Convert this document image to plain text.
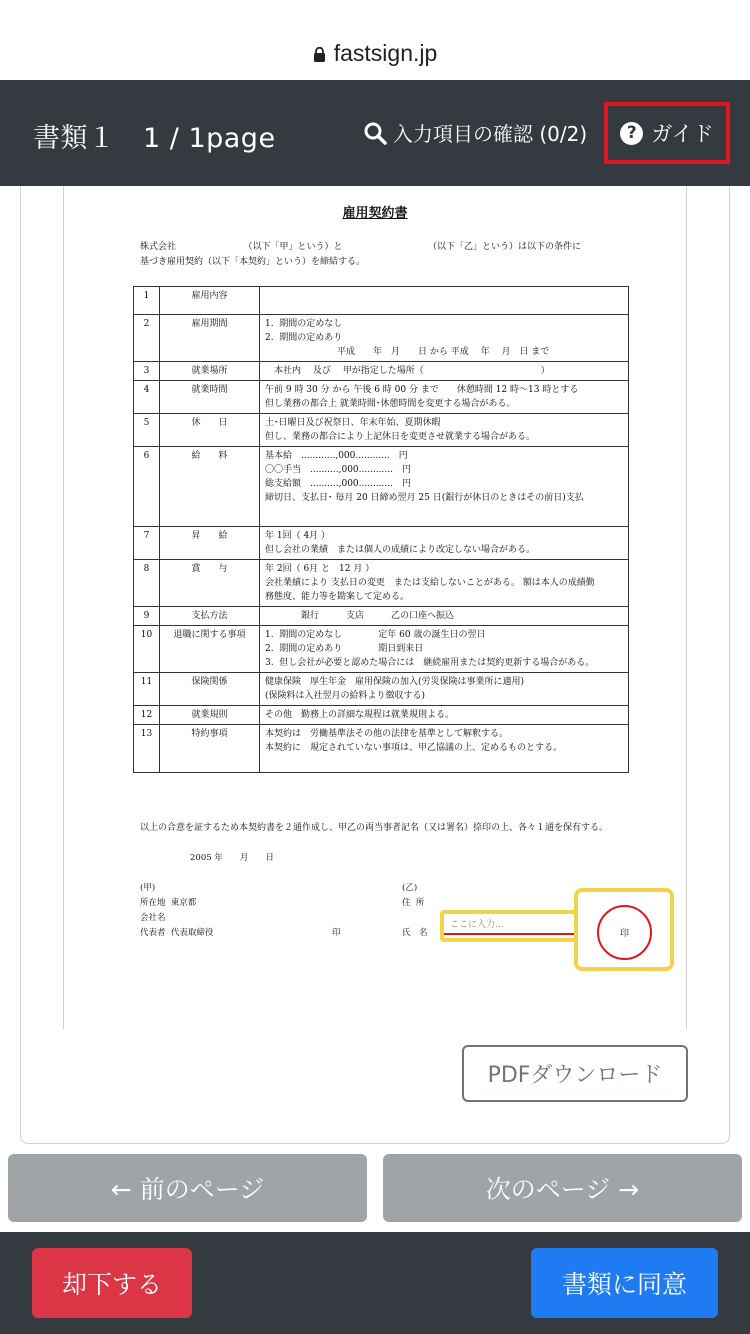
fastsign.jp
書類１　1 / 1page	入力項目の確認 (0/2)	? ガイド
雇用契約書
株式会社　　　　　　　　（以下「甲」という）と　　　　　　　　　　（以下「乙」という）は以下の条件に
基づき雇用契約（以下「本契約」という）を締結する。
1	雇用内容	
2	雇用期間	1.  期間の定めなし
2.  期間の定めあり
　　　　　　　　平成　　年　月　　日 から 平成　 年　 月　日 まで
3	就業場所	　本社内　 及び　 甲が指定した場所（　　　　　　　　　　　　　）
4	就業時間	午前 9 時 30 分 から 午後 6 時 00 分 まで　　休憩時間 12 時～13 時とする
但し業務の都合上 就業時間･休憩時間を変更する場合がある。
5	休　　日	土･日曜日及び祝祭日、年末年始、夏期休暇
但し、業務の都合により上記休日を変更させ就業する場合がある。
6	給　　料	基本給　............,000............　円
〇〇手当　..........,000............　円
総支給額　..........,000............　円
締切日、支払日･ 毎月 20 日締め翌月 25 日(銀行が休日のときはその前日)支払
7	昇　　給	年 1回（ 4月 ）
但し会社の業績　または個人の成績により改定しない場合がある。
8	賞　　与	年 2回（ 6月 と　12 月 ）
会社業績により 支払日の変更　または支給しないことがある。 額は本人の成績勤
務態度、能力等を勘案して定める。
9	支払方法	　　　　銀行　　　支店　　　乙の口座へ振込
10	退職に関する事項	1.  期間の定めなし　　　　定年 60 歳の誕生日の翌日
2.  期間の定めあり　　　　期日到来日
3.  但し会社が必要と認めた場合には　継続雇用または契約更新する場合がある。
11	保険関係	健康保険　厚生年金　雇用保険の加入(労災保険は事業所に適用)
(保険料は入社翌月の給料より徴収する)
12	就業規則	その他　勤務上の詳細な規程は就業規則よる。
13	特約事項	本契約は　労働基準法その他の法律を基準として解釈する。
本契約に　規定されていない事項は、甲乙協議の上、定めるものとする。

以上の合意を証するため本契約書を２通作成し、甲乙の両当事者記名（又は署名）捺印の上、各々１通を保有する。
2005 年　　月　　日
(甲)
所在地  東京都
会社名
代表者  代表取締役	印
(乙)
住  所

氏　名
ここに入力…
印
PDFダウンロード
← 前のページ	次のページ →
却下する	書類に同意
